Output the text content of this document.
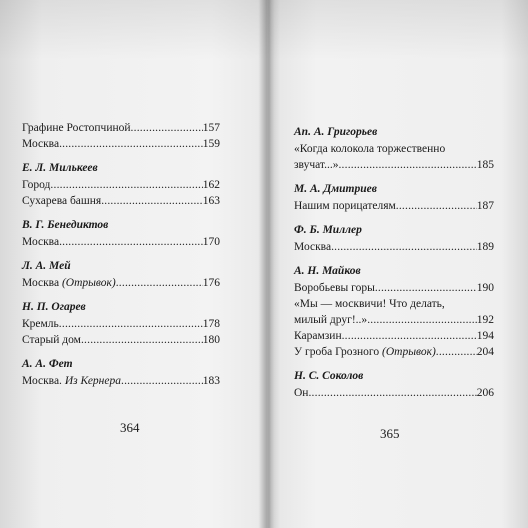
Графине Ростопчиной .....	157
Москва .....	159
Е. Л. Милькеев
Город .....	162
Сухарева башня .....	163
В. Г. Бенедиктов
Москва .....	170
Л. А. Мей
Москва (Отрывок) .....	176
Н. П. Огарев
Кремль .....	178
Старый дом .....	180
А. А. Фет
Москва. Из Кернера .....	183
364
Ап. А. Григорьев
«Когда колокола торжественно
звучат...» .....	185
М. А. Дмитриев
Нашим порицателям .....	187
Ф. Б. Миллер
Москва .....	189
А. Н. Майков
Воробьевы горы .....	190
«Мы — москвичи! Что делать,
милый друг!..» .....	192
Карамзин .....	194
У гроба Грозного (Отрывок) .....	204
Н. С. Соколов
Он .....	206
365
